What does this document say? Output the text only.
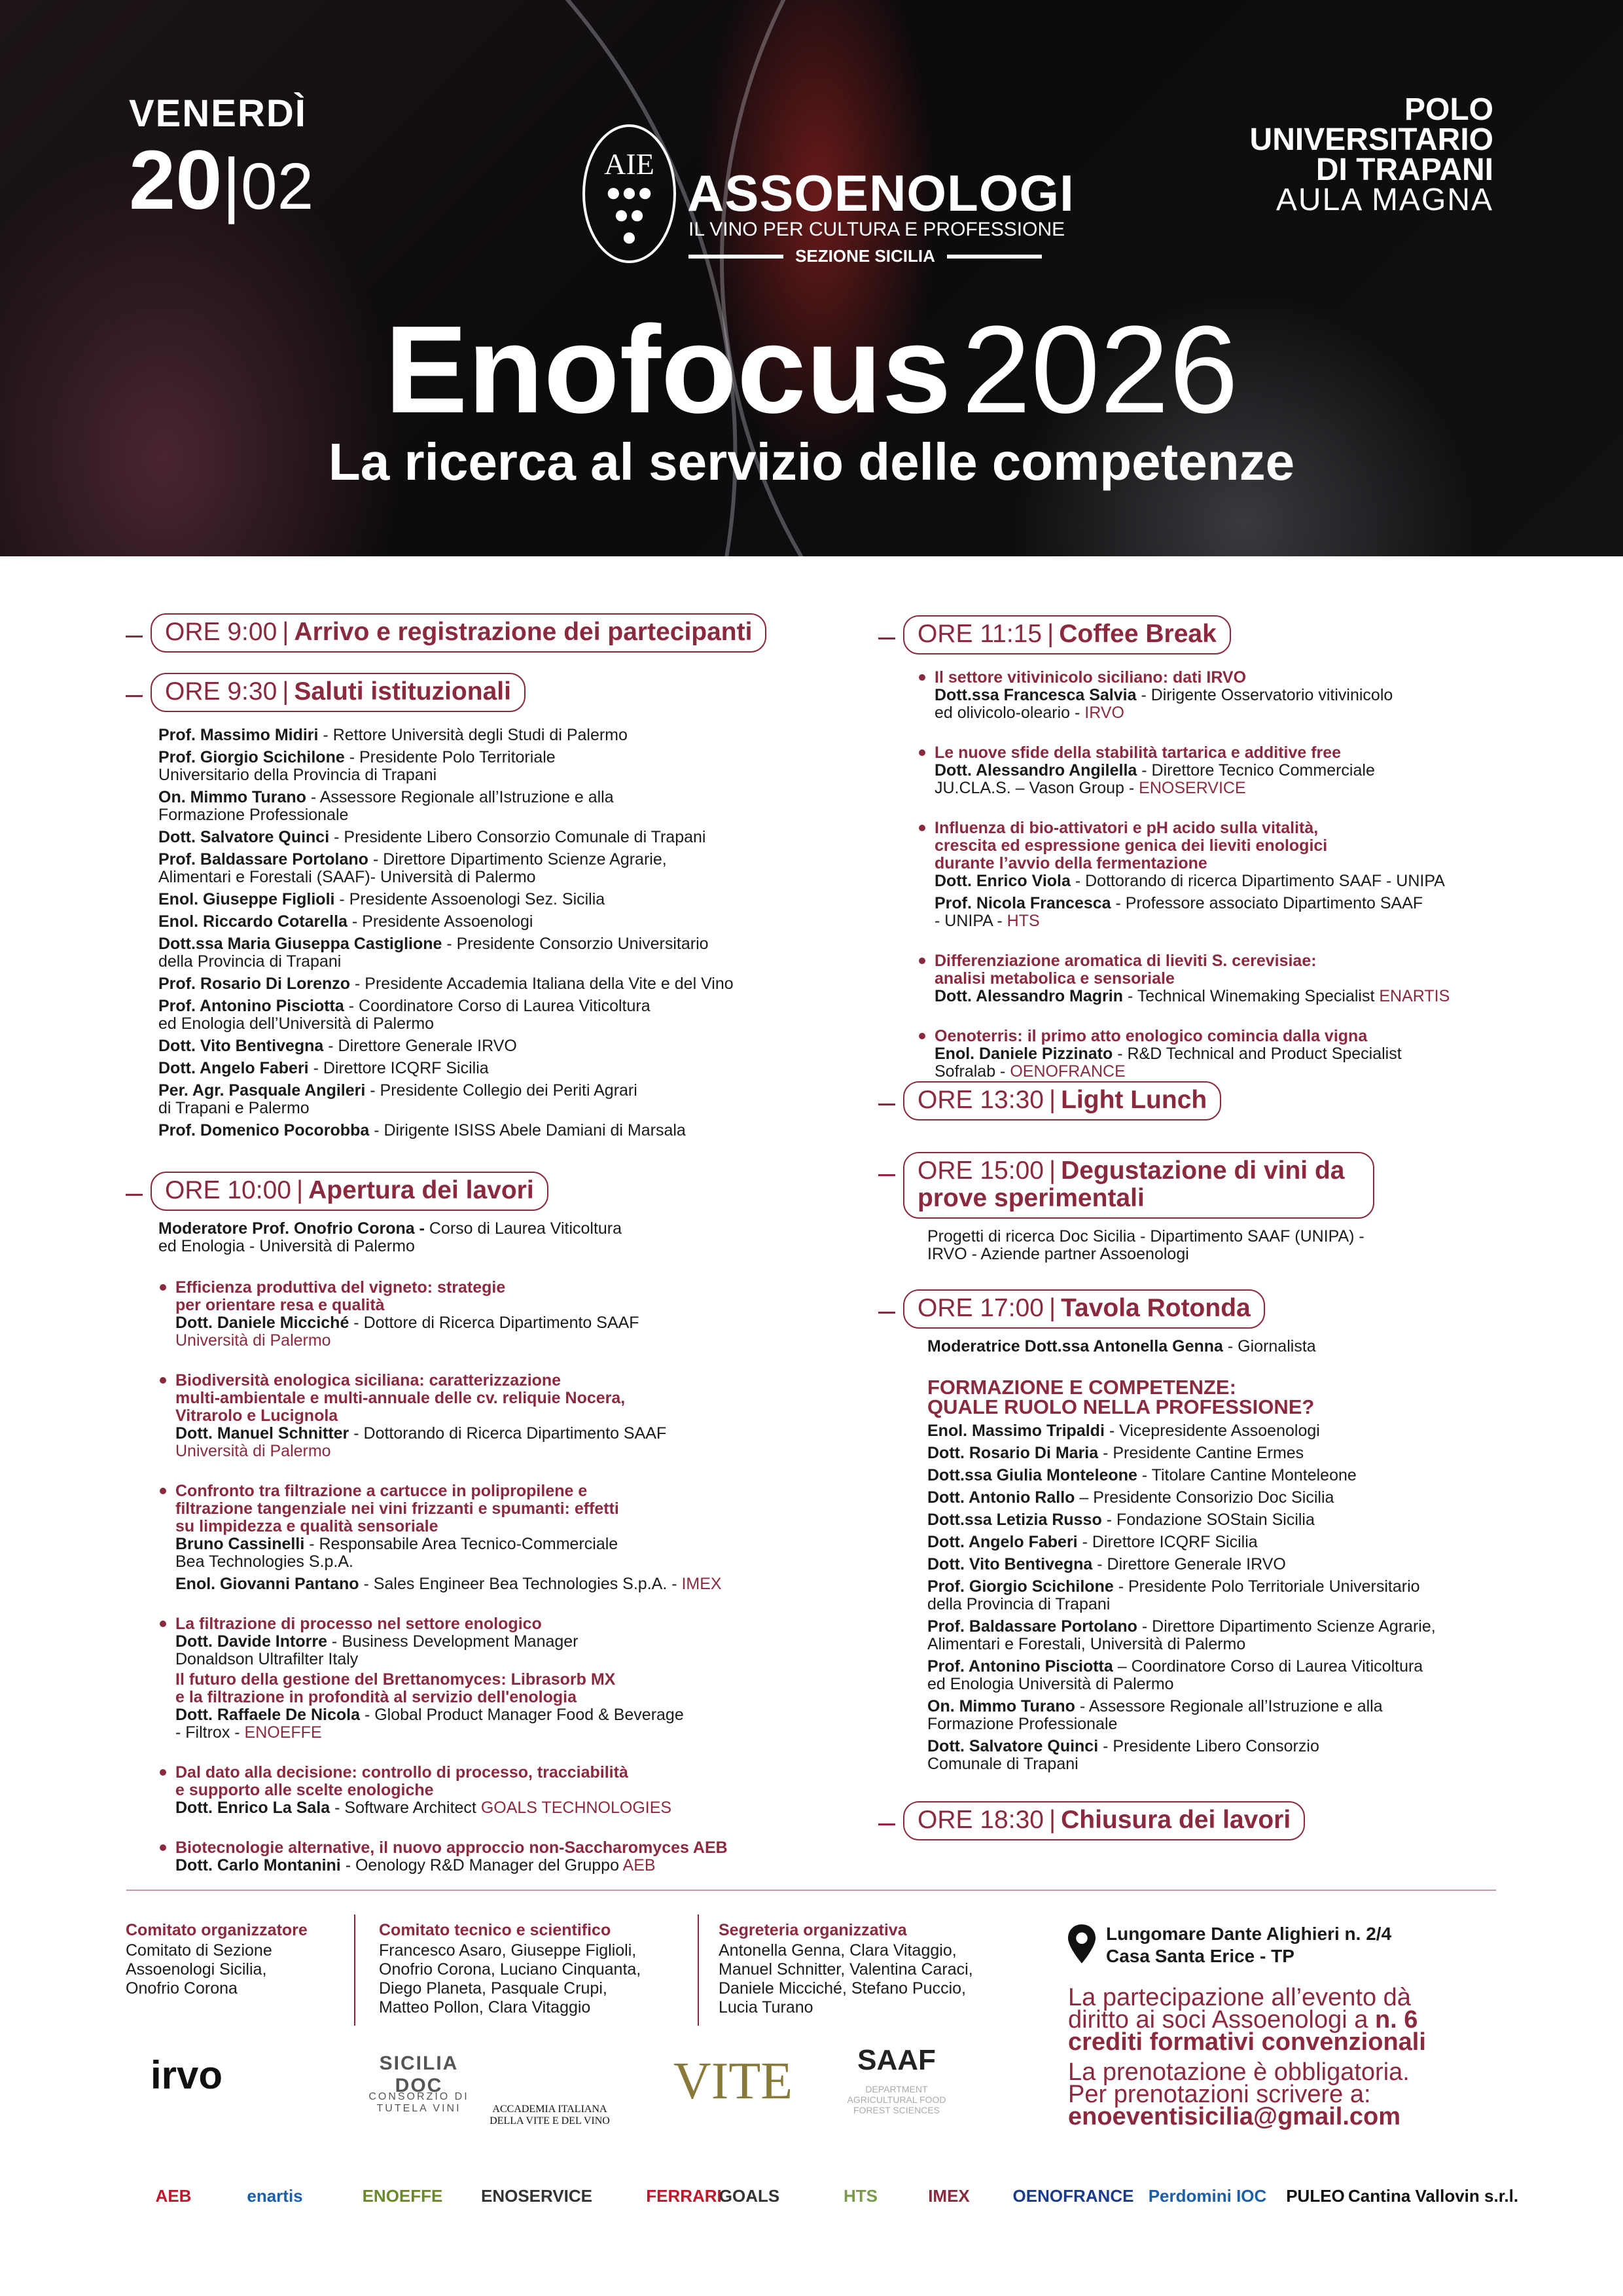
VENERDÌ
20|02
POLO
UNIVERSITARIO
DI TRAPANI
AULA MAGNA
AIE
●●●
●●
●
ASSOENOLOGI
IL VINO PER CULTURA E PROFESSIONE
SEZIONE SICILIA
Enofocus2026
La ricerca al servizio delle competenze
ORE 9:00 | Arrivo e registrazione dei partecipanti
ORE 9:30 | Saluti istituzionali
Prof. Massimo Midiri - Rettore Università degli Studi di Palermo
Prof. Giorgio Scichilone - Presidente Polo Territoriale
Universitario della Provincia di Trapani
On. Mimmo Turano - Assessore Regionale all’Istruzione e alla
Formazione Professionale
Dott. Salvatore Quinci - Presidente Libero Consorzio Comunale di Trapani
Prof. Baldassare Portolano - Direttore Dipartimento Scienze Agrarie,
Alimentari e Forestali (SAAF)- Università di Palermo
Enol. Giuseppe Figlioli - Presidente Assoenologi Sez. Sicilia
Enol. Riccardo Cotarella - Presidente Assoenologi
Dott.ssa Maria Giuseppa Castiglione - Presidente Consorzio Universitario
della Provincia di Trapani
Prof. Rosario Di Lorenzo - Presidente Accademia Italiana della Vite e del Vino
Prof. Antonino Pisciotta - Coordinatore Corso di Laurea Viticoltura
ed Enologia dell’Università di Palermo
Dott. Vito Bentivegna - Direttore Generale IRVO
Dott. Angelo Faberi - Direttore ICQRF Sicilia
Per. Agr. Pasquale Angileri - Presidente Collegio dei Periti Agrari
di Trapani e Palermo
Prof. Domenico Pocorobba - Dirigente ISISS Abele Damiani di Marsala
ORE 10:00 | Apertura dei lavori
Moderatore Prof. Onofrio Corona - Corso di Laurea Viticoltura
ed Enologia - Università di Palermo
Efficienza produttiva del vigneto: strategie
per orientare resa e qualità
Dott. Daniele Micciché - Dottore di Ricerca Dipartimento SAAF
Università di Palermo
Biodiversità enologica siciliana: caratterizzazione
multi-ambientale e multi-annuale delle cv. reliquie Nocera,
Vitrarolo e Lucignola
Dott. Manuel Schnitter - Dottorando di Ricerca Dipartimento SAAF
Università di Palermo
Confronto tra filtrazione a cartucce in polipropilene e
filtrazione tangenziale nei vini frizzanti e spumanti: effetti
su limpidezza e qualità sensoriale
Bruno Cassinelli - Responsabile Area Tecnico-Commerciale
Bea Technologies S.p.A.
Enol. Giovanni Pantano - Sales Engineer Bea Technologies S.p.A. - IMEX
La filtrazione di processo nel settore enologico
Dott. Davide Intorre - Business Development Manager
Donaldson Ultrafilter Italy
Il futuro della gestione del Brettanomyces: Librasorb MX
e la filtrazione in profondità al servizio dell'enologia
Dott. Raffaele De Nicola - Global Product Manager Food & Beverage
- Filtrox - ENOEFFE
Dal dato alla decisione: controllo di processo, tracciabilità
e supporto alle scelte enologiche
Dott. Enrico La Sala - Software Architect GOALS TECHNOLOGIES
Biotecnologie alternative, il nuovo approccio non-Saccharomyces AEB
Dott. Carlo Montanini - Oenology R&D Manager del Gruppo AEB
ORE 11:15 | Coffee Break
Il settore vitivinicolo siciliano: dati IRVO
Dott.ssa Francesca Salvia - Dirigente Osservatorio vitivinicolo
ed olivicolo-oleario - IRVO
Le nuove sfide della stabilità tartarica e additive free
Dott. Alessandro Angilella - Direttore Tecnico Commerciale
JU.CLA.S. – Vason Group - ENOSERVICE
Influenza di bio-attivatori e pH acido sulla vitalità,
crescita ed espressione genica dei lieviti enologici
durante l’avvio della fermentazione
Dott. Enrico Viola - Dottorando di ricerca Dipartimento SAAF - UNIPA
Prof. Nicola Francesca - Professore associato Dipartimento SAAF
- UNIPA - HTS
Differenziazione aromatica di lieviti S. cerevisiae:
analisi metabolica e sensoriale
Dott. Alessandro Magrin - Technical Winemaking Specialist ENARTIS
Oenoterris: il primo atto enologico comincia dalla vigna
Enol. Daniele Pizzinato - R&D Technical and Product Specialist
Sofralab - OENOFRANCE
ORE 13:30 | Light Lunch
ORE 15:00 | Degustazione di vini da prove sperimentali
Progetti di ricerca Doc Sicilia - Dipartimento SAAF (UNIPA) -
IRVO - Aziende partner Assoenologi
ORE 17:00 | Tavola Rotonda
Moderatrice Dott.ssa Antonella Genna - Giornalista
FORMAZIONE E COMPETENZE:
QUALE RUOLO NELLA PROFESSIONE?
Enol. Massimo Tripaldi - Vicepresidente Assoenologi
Dott. Rosario Di Maria - Presidente Cantine Ermes
Dott.ssa Giulia Monteleone - Titolare Cantine Monteleone
Dott. Antonio Rallo – Presidente Consorizio Doc Sicilia
Dott.ssa Letizia Russo - Fondazione SOStain Sicilia
Dott. Angelo Faberi - Direttore ICQRF Sicilia
Dott. Vito Bentivegna - Direttore Generale IRVO
Prof. Giorgio Scichilone - Presidente Polo Territoriale Universitario
della Provincia di Trapani
Prof. Baldassare Portolano - Direttore Dipartimento Scienze Agrarie,
Alimentari e Forestali, Università di Palermo
Prof. Antonino Pisciotta – Coordinatore Corso di Laurea Viticoltura
ed Enologia Università di Palermo
On. Mimmo Turano - Assessore Regionale all’Istruzione e alla
Formazione Professionale
Dott. Salvatore Quinci - Presidente Libero Consorzio
Comunale di Trapani
ORE 18:30 | Chiusura dei lavori
Comitato organizzatore
Comitato di Sezione
Assoenologi Sicilia,
Onofrio Corona
Comitato tecnico e scientifico
Francesco Asaro, Giuseppe Figlioli,
Onofrio Corona, Luciano Cinquanta,
Diego Planeta, Pasquale Crupi,
Matteo Pollon, Clara Vitaggio
Segreteria organizzativa
Antonella Genna, Clara Vitaggio,
Manuel Schnitter, Valentina Caraci,
Daniele Micciché, Stefano Puccio,
Lucia Turano
Lungomare Dante Alighieri n. 2/4
Casa Santa Erice - TP
La partecipazione all’evento dà
diritto ai soci Assoenologi a n. 6
crediti formativi convenzionali
La prenotazione è obbligatoria.
Per prenotazioni scrivere a:
enoeventisicilia@gmail.com
irvo	SICILIA DOC
CONSORZIO DI TUTELA VINI	ACCADEMIA ITALIANA DELLA VITE E DEL VINO
VITE	SAAF
DEPARTMENT AGRICULTURAL FOOD FOREST SCIENCES
AEB	enartis	ENOEFFE	ENOSERVICE	FERRARI
GOALS	HTS	IMEX	OENOFRANCE Perdomini IOC	PULEO Cantina Vallovin s.r.l.
